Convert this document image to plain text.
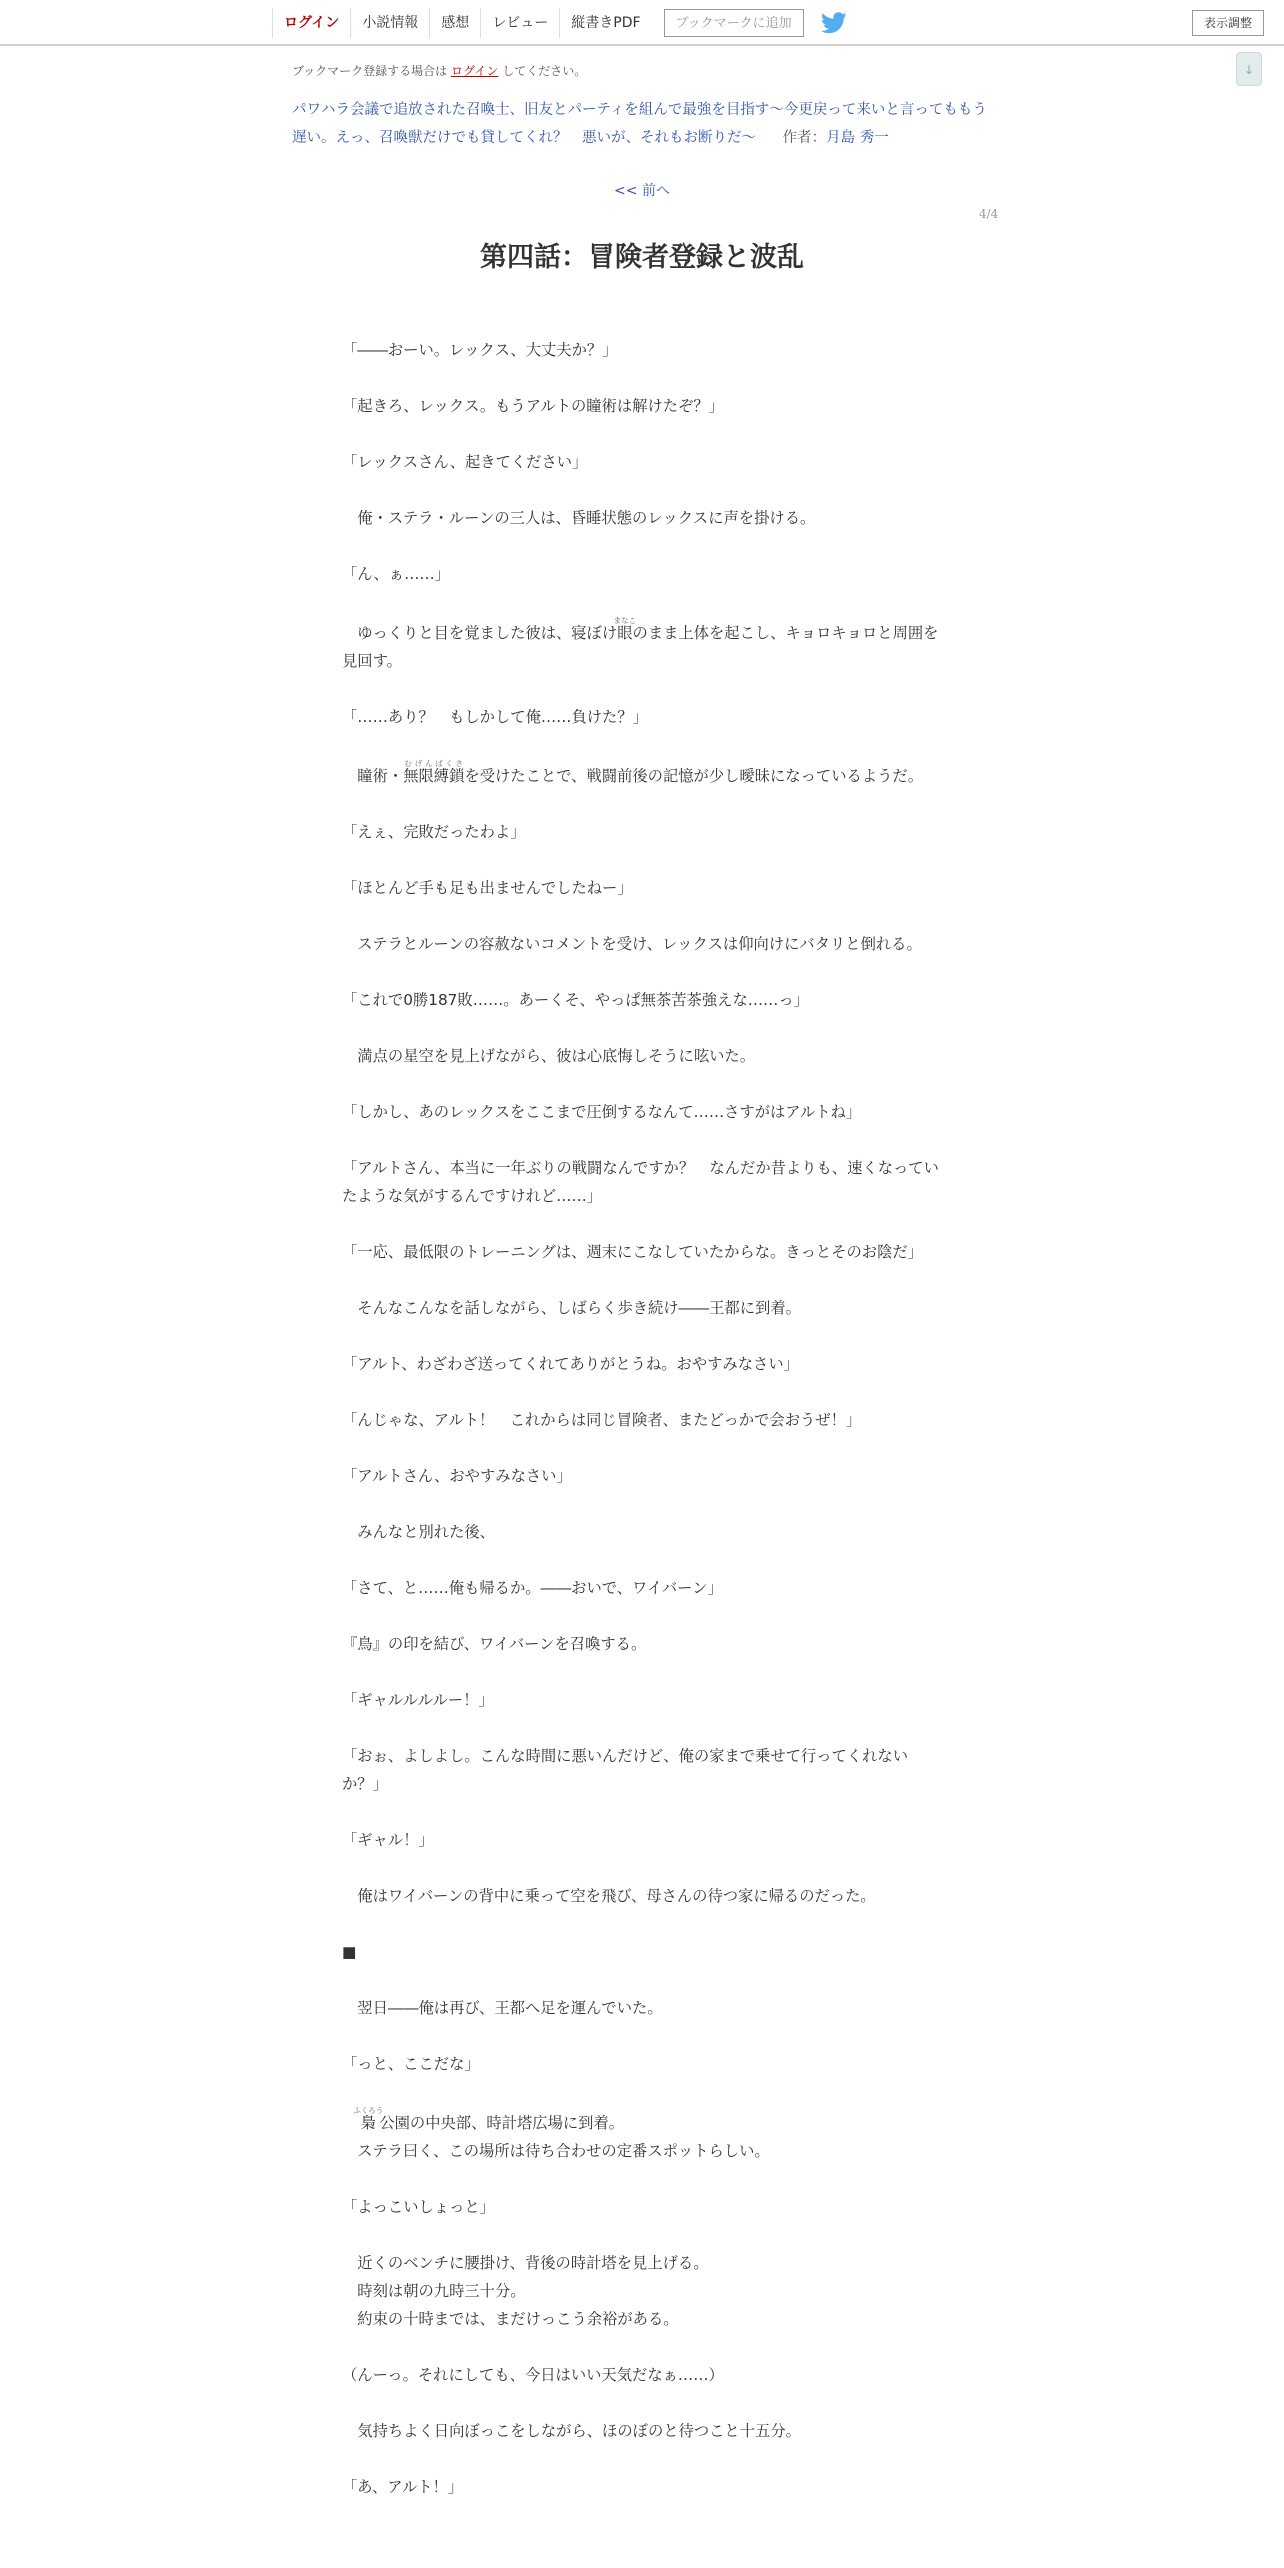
ログイン	小説情報	感想	レビュー	縦書きPDF	ブックマークに追加	表示調整
↓
ブックマーク登録する場合は ログイン してください。
パワハラ会議で追放された召喚士、旧友とパーティを組んで最強を目指す～今更戻って来いと言ってももう遅い。えっ、召喚獣だけでも貸してくれ？　悪いが、それもお断りだ～ 作者：月島 秀一
<< 前へ
4/4
第四話：冒険者登録と波乱

「――おーい。レックス、大丈夫か？」

「起きろ、レックス。もうアルトの瞳術は解けたぞ？」

「レックスさん、起きてください」

　俺・ステラ・ルーンの三人は、昏睡状態のレックスに声を掛ける。

「ん、ぁ……」

　ゆっくりと目を覚ました彼は、寝ぼけ眼まなこのまま上体を起こし、キョロキョロと周囲を見回す。

「……あり？　もしかして俺……負けた？」

　瞳術・無限縛鎖むげんばくさを受けたことで、戦闘前後の記憶が少し曖昧になっているようだ。

「えぇ、完敗だったわよ」

「ほとんど手も足も出ませんでしたねー」

　ステラとルーンの容赦ないコメントを受け、レックスは仰向けにバタリと倒れる。

「これで0勝187敗……。あーくそ、やっぱ無茶苦茶強えな……っ」

　満点の星空を見上げながら、彼は心底悔しそうに呟いた。

「しかし、あのレックスをここまで圧倒するなんて……さすがはアルトね」

「アルトさん、本当に一年ぶりの戦闘なんですか？　なんだか昔よりも、速くなっていたような気がするんですけれど……」

「一応、最低限のトレーニングは、週末にこなしていたからな。きっとそのお陰だ」

　そんなこんなを話しながら、しばらく歩き続け――王都に到着。

「アルト、わざわざ送ってくれてありがとうね。おやすみなさい」

「んじゃな、アルト！　これからは同じ冒険者、またどっかで会おうぜ！」

「アルトさん、おやすみなさい」

　みんなと別れた後、

「さて、と……俺も帰るか。――おいで、ワイバーン」

『鳥』の印を結び、ワイバーンを召喚する。

「ギャルルルルー！」

「おぉ、よしよし。こんな時間に悪いんだけど、俺の家まで乗せて行ってくれないか？」

「ギャル！」

　俺はワイバーンの背中に乗って空を飛び、母さんの待つ家に帰るのだった。

■

　翌日――俺は再び、王都へ足を運んでいた。

「っと、ここだな」

　梟ふくろう公園の中央部、時計塔広場に到着。

　ステラ曰く、この場所は待ち合わせの定番スポットらしい。

「よっこいしょっと」

　近くのベンチに腰掛け、背後の時計塔を見上げる。

　時刻は朝の九時三十分。

　約束の十時までは、まだけっこう余裕がある。

（んーっ。それにしても、今日はいい天気だなぁ……）

　気持ちよく日向ぼっこをしながら、ほのぼのと待つこと十五分。

「あ、アルト！」
